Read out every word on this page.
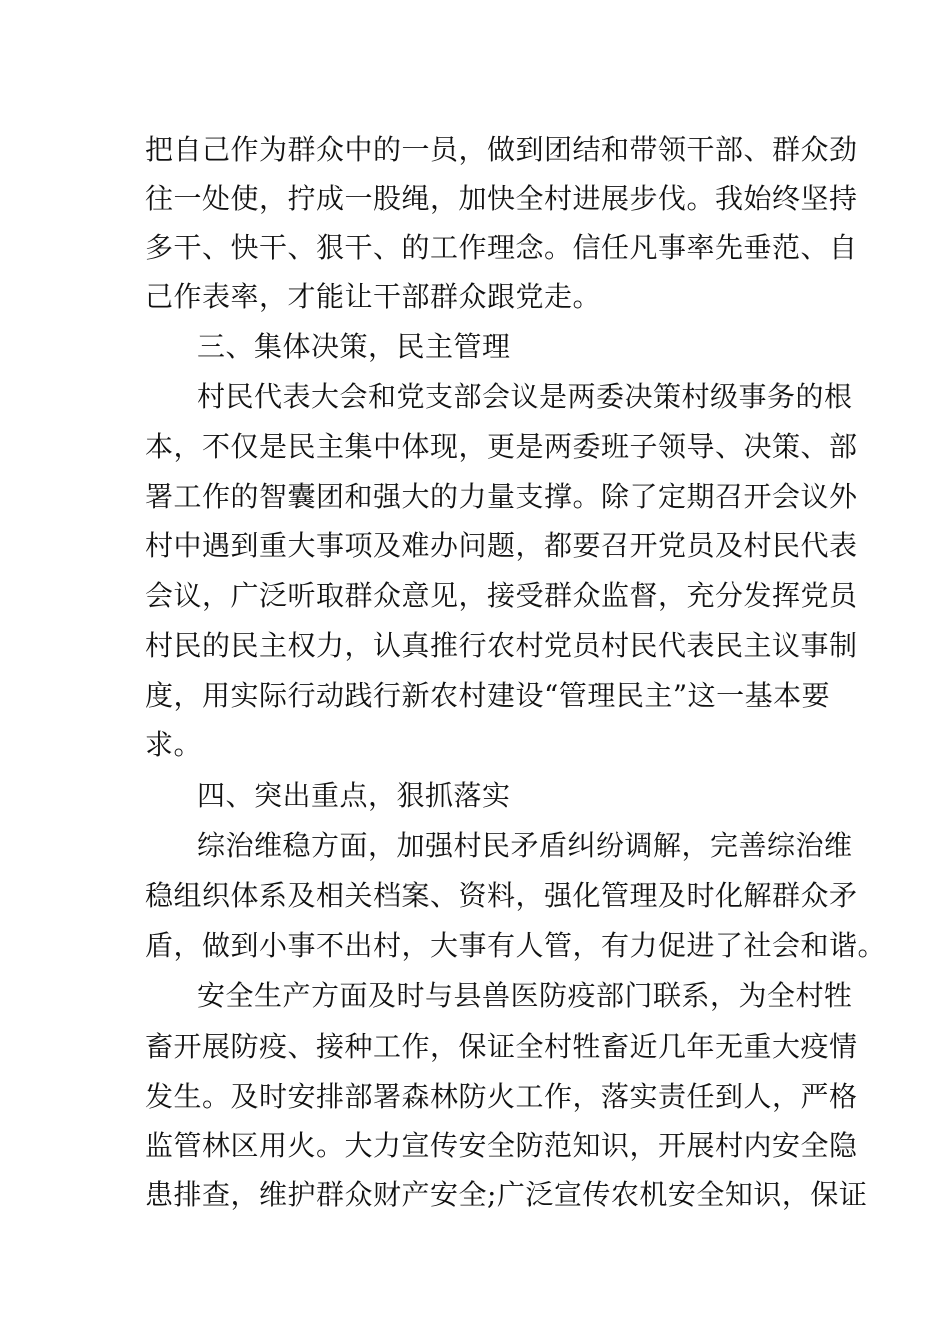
把自己作为群众中的一员，做到团结和带领干部、群众劲
往一处使，拧成一股绳，加快全村进展步伐。我始终坚持
多干、快干、狠干、的工作理念。信任凡事率先垂范、自
己作表率，才能让干部群众跟党走。
三、集体决策，民主管理
村民代表大会和党支部会议是两委决策村级事务的根
本，不仅是民主集中体现，更是两委班子领导、决策、部
署工作的智囊团和强大的力量支撑。除了定期召开会议外
村中遇到重大事项及难办问题，都要召开党员及村民代表
会议，广泛听取群众意见，接受群众监督，充分发挥党员
村民的民主权力，认真推行农村党员村民代表民主议事制
度，用实际行动践行新农村建设“管理民主”这一基本要
求。
四、突出重点，狠抓落实
综治维稳方面，加强村民矛盾纠纷调解，完善综治维
稳组织体系及相关档案、资料，强化管理及时化解群众矛
盾，做到小事不出村，大事有人管，有力促进了社会和谐。
安全生产方面及时与县兽医防疫部门联系，为全村牲
畜开展防疫、接种工作，保证全村牲畜近几年无重大疫情
发生。及时安排部署森林防火工作，落实责任到人，严格
监管林区用火。大力宣传安全防范知识，开展村内安全隐
患排查，维护群众财产安全;广泛宣传农机安全知识，保证
